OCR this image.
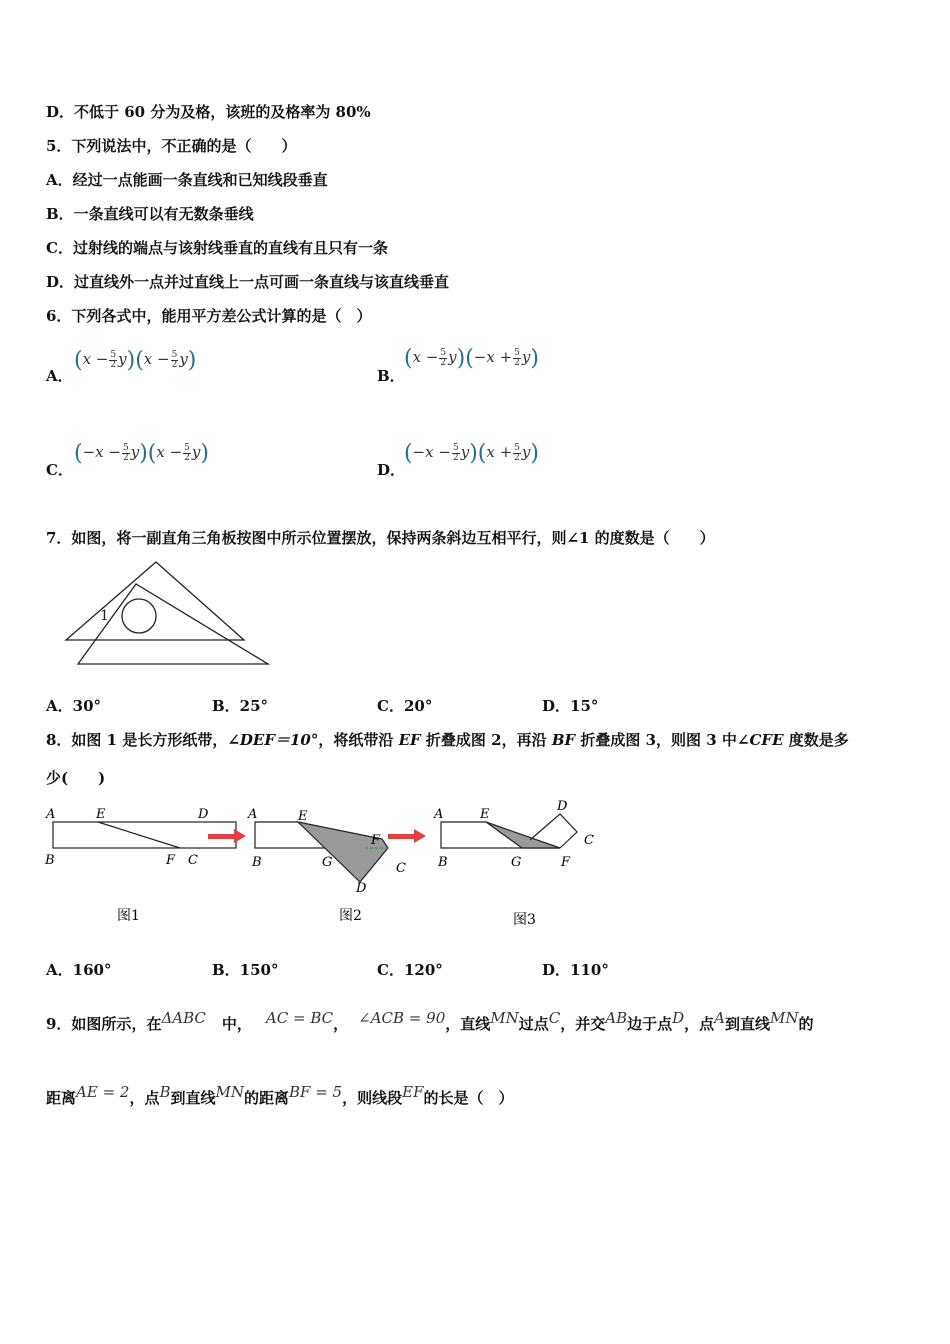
D．不低于 60 分为及格，该班的及格率为 80%
5．下列说法中，不正确的是（　　）
A．经过一点能画一条直线和已知线段垂直
B．一条直线可以有无数条垂线
C．过射线的端点与该射线垂直的直线有且只有一条
D．过直线外一点并过直线上一点可画一条直线与该直线垂直
6．下列各式中，能用平方差公式计算的是（　）
A．
$(x - \frac{5}{2} y)(x - \frac{5}{2} y)$
B．
$(x - \frac{5}{2} y)(-x + \frac{5}{2} y)$
C．
$(-x - \frac{5}{2} y)(x - \frac{5}{2} y)$
D．
$(-x - \frac{5}{2} y)(x + \frac{5}{2} y)$
7．如图，将一副直角三角板按图中所示位置摆放，保持两条斜边互相平行，则∠1 的度数是（　　）
1
A．30°	B．25°	C．20°	D．15°
8．如图 1 是长方形纸带，∠DEF＝10°，将纸带沿 EF 折叠成图 2，再沿 BF 折叠成图 3，则图 3 中∠CFE 度数是多
少(　　)
A	E	D
B	F C
A	E
F
B	G	C
D
A	E
D
C
B	G	F
图1	图2	图3
A．160°	B．150°	C．120°	D．110°
9．如图所示，在$^{\Delta ABC}$ 中， $^{AC = BC}$， $^{\angle ACB = 90}$，直线$^{MN}$过点$^C$，并交$^{AB}$边于点$^D$，点$^A$到直线$^{MN}$的
距离$^{AE = 2}$，点$^B$到直线$^{MN}$的距离$^{BF = 5}$，则线段$^{EF}$的长是（　）
